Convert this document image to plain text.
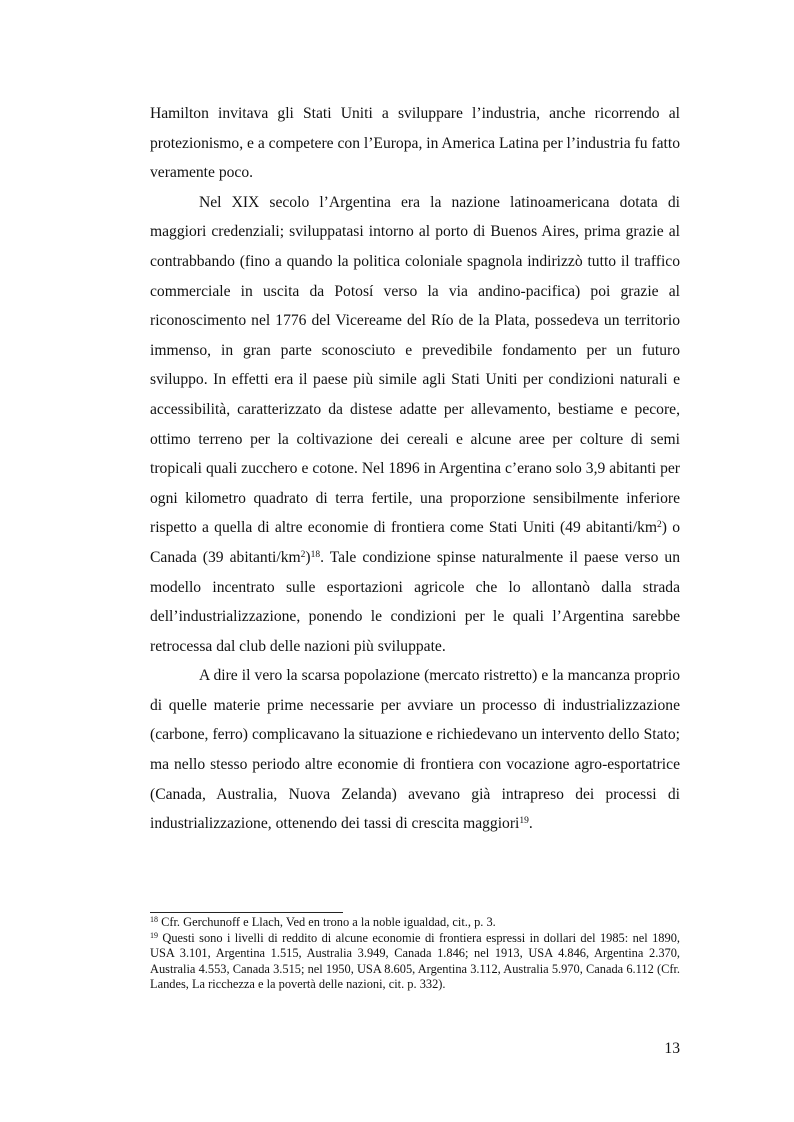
Hamilton invitava gli Stati Uniti a sviluppare l’industria, anche ricorrendo al protezionismo, e a competere con l’Europa, in America Latina per l’industria fu fatto veramente poco.

Nel XIX secolo l’Argentina era la nazione latinoamericana dotata di maggiori credenziali; sviluppatasi intorno al porto di Buenos Aires, prima grazie al contrabbando (fino a quando la politica coloniale spagnola indirizzò tutto il traffico commerciale in uscita da Potosí verso la via andino-pacifica) poi grazie al riconoscimento nel 1776 del Vicereame del Río de la Plata, possedeva un territorio immenso, in gran parte sconosciuto e prevedibile fondamento per un futuro sviluppo. In effetti era il paese più simile agli Stati Uniti per condizioni naturali e accessibilità, caratterizzato da distese adatte per allevamento, bestiame e pecore, ottimo terreno per la coltivazione dei cereali e alcune aree per colture di semi tropicali quali zucchero e cotone. Nel 1896 in Argentina c’erano solo 3,9 abitanti per ogni kilometro quadrato di terra fertile, una proporzione sensibilmente inferiore rispetto a quella di altre economie di frontiera come Stati Uniti (49 abitanti/$km^2$) o Canada (39 abitanti/$km^2)^{18}$. Tale condizione spinse naturalmente il paese verso un modello incentrato sulle esportazioni agricole che lo allontanò dalla strada dell’industrializzazione, ponendo le condizioni per le quali l’Argentina sarebbe retrocessa dal club delle nazioni più sviluppate.

A dire il vero la scarsa popolazione (mercato ristretto) e la mancanza proprio di quelle materie prime necessarie per avviare un processo di industrializzazione (carbone, ferro) complicavano la situazione e richiedevano un intervento dello Stato; ma nello stesso periodo altre economie di frontiera con vocazione agro-esportatrice (Canada, Australia, Nuova Zelanda) avevano già intrapreso dei processi di industrializzazione, ottenendo dei tassi di crescita maggiori$^{19}$.

$^{18}$ Cfr. Gerchunoff e Llach, Ved en trono a la noble igualdad, cit., p. 3.

$^{19}$ Questi sono i livelli di reddito di alcune economie di frontiera espressi in dollari del 1985: nel 1890, USA 3.101, Argentina 1.515, Australia 3.949, Canada 1.846; nel 1913, USA 4.846, Argentina 2.370, Australia 4.553, Canada 3.515; nel 1950, USA 8.605, Argentina 3.112, Australia 5.970, Canada 6.112 (Cfr. Landes, La ricchezza e la povertà delle nazioni, cit. p. 332).

13
